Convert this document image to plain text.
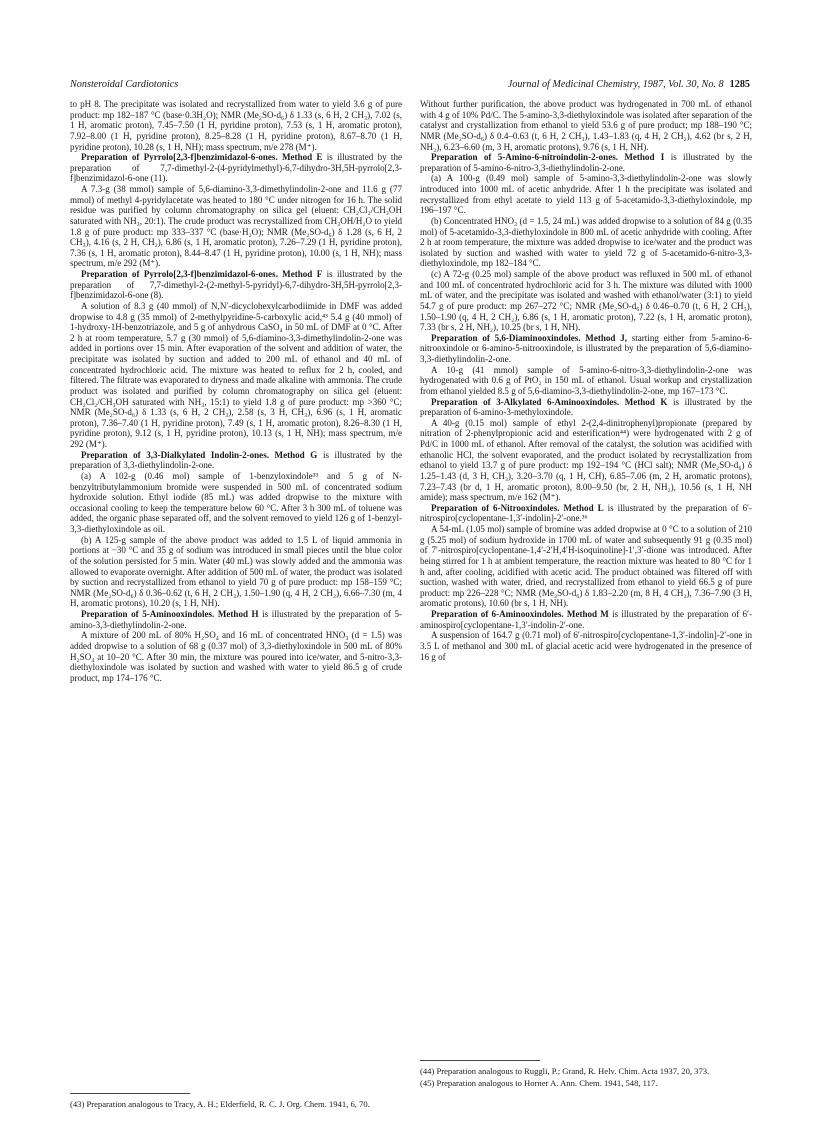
Nonsteroidal Cardiotonics	Journal of Medicinal Chemistry, 1987, Vol. 30, No. 8 1285

to pH 8. The precipitate was isolated and recrystallized from water to yield 3.6 g of pure product: mp 182–187 °C (base·0.3H₂O); NMR (Me₂SO-d₆) δ 1.33 (s, 6 H, 2 CH₃), 7.02 (s, 1 H, aromatic proton), 7.45–7.50 (1 H, pyridine proton), 7.53 (s, 1 H, aromatic proton), 7.92–8.00 (1 H, pyridine proton), 8.25–8.28 (1 H, pyridine proton), 8.67–8.70 (1 H, pyridine proton), 10.28 (s, 1 H, NH); mass spectrum, m/e 278 (M⁺).

Preparation of Pyrrolo[2,3-f]benzimidazol-6-ones. Method E is illustrated by the preparation of 7,7-dimethyl-2-(4-pyridylmethyl)-6,7-dihydro-3H,5H-pyrrolo[2,3-f]benzimidazol-6-one (11).

A 7.3-g (38 mmol) sample of 5,6-diamino-3,3-dimethylindolin-2-one and 11.6 g (77 mmol) of methyl 4-pyridylacetate was heated to 180 °C under nitrogen for 16 h. The solid residue was purified by column chromatography on silica gel (eluent: CH₂Cl₂/CH₃OH saturated with NH₃, 20:1). The crude product was recrystallized from CH₃OH/H₂O to yield 1.8 g of pure product: mp 333–337 °C (base·H₂O); NMR (Me₂SO-d₆) δ 1.28 (s, 6 H, 2 CH₃), 4.16 (s, 2 H, CH₂), 6.86 (s, 1 H, aromatic proton), 7.26–7.29 (1 H, pyridine proton), 7.36 (s, 1 H, aromatic proton), 8.44–8.47 (1 H, pyridine proton), 10.00 (s, 1 H, NH); mass spectrum, m/e 292 (M⁺).

Preparation of Pyrrolo[2,3-f]benzimidazol-6-ones. Method F is illustrated by the preparation of 7,7-dimethyl-2-(2-methyl-5-pyridyl)-6,7-dihydro-3H,5H-pyrrolo[2,3-f]benzimidazol-6-one (8).

A solution of 8.3 g (40 mmol) of N,N′-dicyclohexylcarbodiimide in DMF was added dropwise to 4.8 g (35 mmol) of 2-methylpyridine-5-carboxylic acid,⁴³ 5.4 g (40 mmol) of 1-hydroxy-1H-benzotriazole, and 5 g of anhydrous CaSO₄ in 50 mL of DMF at 0 °C. After 2 h at room temperature, 5.7 g (30 mmol) of 5,6-diamino-3,3-dimethylindolin-2-one was added in portions over 15 min. After evaporation of the solvent and addition of water, the precipitate was isolated by suction and added to 200 mL of ethanol and 40 mL of concentrated hydrochloric acid. The mixture was heated to reflux for 2 h, cooled, and filtered. The filtrate was evaporated to dryness and made alkaline with ammonia. The crude product was isolated and purified by column chromatography on silica gel (eluent: CH₂Cl₂/CH₃OH saturated with NH₃, 15:1) to yield 1.8 g of pure product: mp >360 °C; NMR (Me₂SO-d₆) δ 1.33 (s, 6 H, 2 CH₃), 2.58 (s, 3 H, CH₃), 6.96 (s, 1 H, aromatic proton), 7.36–7.40 (1 H, pyridine proton), 7.49 (s, 1 H, aromatic proton), 8.26–8.30 (1 H, pyridine proton), 9.12 (s, 1 H, pyridine proton), 10.13 (s, 1 H, NH); mass spectrum, m/e 292 (M⁺).

Preparation of 3,3-Dialkylated Indolin-2-ones. Method G is illustrated by the preparation of 3,3-diethylindolin-2-one.

(a) A 102-g (0.46 mol) sample of 1-benzyloxindole³³ and 5 g of N-benzyltributylammonium bromide were suspended in 500 mL of concentrated sodium hydroxide solution. Ethyl iodide (85 mL) was added dropwise to the mixture with occasional cooling to keep the temperature below 60 °C. After 3 h 300 mL of toluene was added, the organic phase separated off, and the solvent removed to yield 126 g of 1-benzyl-3,3-diethyloxindole as oil.

(b) A 125-g sample of the above product was added to 1.5 L of liquid ammonia in portions at −30 °C and 35 g of sodium was introduced in small pieces until the blue color of the solution persisted for 5 min. Water (40 mL) was slowly added and the ammonia was allowed to evaporate overnight. After addition of 500 mL of water, the product was isolated by suction and recrystallized from ethanol to yield 70 g of pure product: mp 158–159 °C; NMR (Me₂SO-d₆) δ 0.36–0.62 (t, 6 H, 2 CH₃), 1.50–1.90 (q, 4 H, 2 CH₂), 6.66–7.30 (m, 4 H, aromatic protons), 10.20 (s, 1 H, NH).

Preparation of 5-Aminooxindoles. Method H is illustrated by the preparation of 5-amino-3,3-diethylindolin-2-one.

A mixture of 200 mL of 80% H₂SO₄ and 16 mL of concentrated HNO₃ (d = 1.5) was added dropwise to a solution of 68 g (0.37 mol) of 3,3-diethyloxindole in 500 mL of 80% H₂SO₄ at 10–20 °C. After 30 min, the mixture was poured into ice/water, and 5-nitro-3,3-diethyloxindole was isolated by suction and washed with water to yield 86.5 g of crude product, mp 174–176 °C.

Without further purification, the above product was hydrogenated in 700 mL of ethanol with 4 g of 10% Pd/C. The 5-amino-3,3-diethyloxindole was isolated after separation of the catalyst and crystallization from ethanol to yield 53.6 g of pure product; mp 188–190 °C; NMR (Me₂SO-d₆) δ 0.4–0.63 (t, 6 H, 2 CH₃), 1.43–1.83 (q, 4 H, 2 CH₂), 4.62 (br s, 2 H, NH₂), 6.23–6.60 (m, 3 H, aromatic protons), 9.76 (s, 1 H, NH).

Preparation of 5-Amino-6-nitroindolin-2-ones. Method I is illustrated by the preparation of 5-amino-6-nitro-3,3-diethylindolin-2-one.

(a) A 100-g (0.49 mol) sample of 5-amino-3,3-diethylindolin-2-one was slowly introduced into 1000 mL of acetic anhydride. After 1 h the precipitate was isolated and recrystallized from ethyl acetate to yield 113 g of 5-acetamido-3,3-diethyloxindole, mp 196–197 °C.

(b) Concentrated HNO₃ (d = 1.5, 24 mL) was added dropwise to a solution of 84 g (0.35 mol) of 5-acetamido-3,3-diethyloxindole in 800 mL of acetic anhydride with cooling. After 2 h at room temperature, the mixture was added dropwise to ice/water and the product was isolated by suction and washed with water to yield 72 g of 5-acetamido-6-nitro-3,3-diethyloxindole, mp 182–184 °C.

(c) A 72-g (0.25 mol) sample of the above product was refluxed in 500 mL of ethanol and 100 mL of concentrated hydrochloric acid for 3 h. The mixture was diluted with 1000 mL of water, and the precipitate was isolated and washed with ethanol/water (3:1) to yield 54.7 g of pure product: mp 267–272 °C; NMR (Me₂SO-d₆) δ 0.46–0.70 (t, 6 H, 2 CH₃), 1.50–1.90 (q, 4 H, 2 CH₂), 6.86 (s, 1 H, aromatic proton), 7.22 (s, 1 H, aromatic proton), 7.33 (br s, 2 H, NH₂), 10.25 (br s, 1 H, NH).

Preparation of 5,6-Diaminooxindoles. Method J, starting either from 5-amino-6-nitrooxindole or 6-amino-5-nitrooxindole, is illustrated by the preparation of 5,6-diamino-3,3-diethylindolin-2-one.

A 10-g (41 mmol) sample of 5-amino-6-nitro-3,3-diethylindolin-2-one was hydrogenated with 0.6 g of PtO₂ in 150 mL of ethanol. Usual workup and crystallization from ethanol yielded 8.5 g of 5,6-diamino-3,3-diethylindolin-2-one, mp 167–173 °C.

Preparation of 3-Alkylated 6-Aminooxindoles. Method K is illustrated by the preparation of 6-amino-3-methyloxindole.

A 40-g (0.15 mol) sample of ethyl 2-(2,4-dinitrophenyl)propionate (prepared by nitration of 2-phenylpropionic acid and esterification⁴⁴) were hydrogenated with 2 g of Pd/C in 1000 mL of ethanol. After removal of the catalyst, the solution was acidified with ethanolic HCl, the solvent evaporated, and the product isolated by recrystallization from ethanol to yield 13.7 g of pure product: mp 192–194 °C (HCl salt); NMR (Me₂SO-d₆) δ 1.25–1.43 (d, 3 H, CH₃), 3.20–3.70 (q, 1 H, CH), 6.85–7.06 (m, 2 H, aromatic protons), 7.23–7.43 (br d, 1 H, aromatic proton), 8.00–9.50 (br, 2 H, NH₂), 10.56 (s, 1 H, NH amide); mass spectrum, m/e 162 (M⁺).

Preparation of 6-Nitrooxindoles. Method L is illustrated by the preparation of 6′-nitrospiro[cyclopentane-1,3′-indolin]-2′-one.³⁶

A 54-mL (1.05 mol) sample of bromine was added dropwise at 0 °C to a solution of 210 g (5.25 mol) of sodium hydroxide in 1700 mL of water and subsequently 91 g (0.35 mol) of 7′-nitrospiro[cyclopentane-1,4′-2′H,4′H-isoquinoline]-1′,3′-dione was introduced. After being stirred for 1 h at ambient temperature, the reaction mixture was heated to 80 °C for 1 h and, after cooling, acidified with acetic acid. The product obtained was filtered off with suction, washed with water, dried, and recrystallized from ethanol to yield 66.5 g of pure product: mp 226–228 °C; NMR (Me₂SO-d₆) δ 1.83–2.20 (m, 8 H, 4 CH₂), 7.36–7.90 (3 H, aromatic protons), 10.60 (br s, 1 H, NH).

Preparation of 6-Aminooxindoles. Method M is illustrated by the preparation of 6′-aminospiro[cyclopentane-1,3′-indolin-2′-one.

A suspension of 164.7 g (0.71 mol) of 6′-nitrospiro[cyclopentane-1,3′-indolin]-2′-one in 3.5 L of methanol and 300 mL of glacial acetic acid were hydrogenated in the presence of 16 g of

(43) Preparation analogous to Tracy, A. H.; Elderfield, R. C. J. Org. Chem. 1941, 6, 70.

(44) Preparation analogous to Ruggli, P.; Grand, R. Helv. Chim. Acta 1937, 20, 373.

(45) Preparation analogous to Horner A. Ann. Chem. 1941, 548, 117.
